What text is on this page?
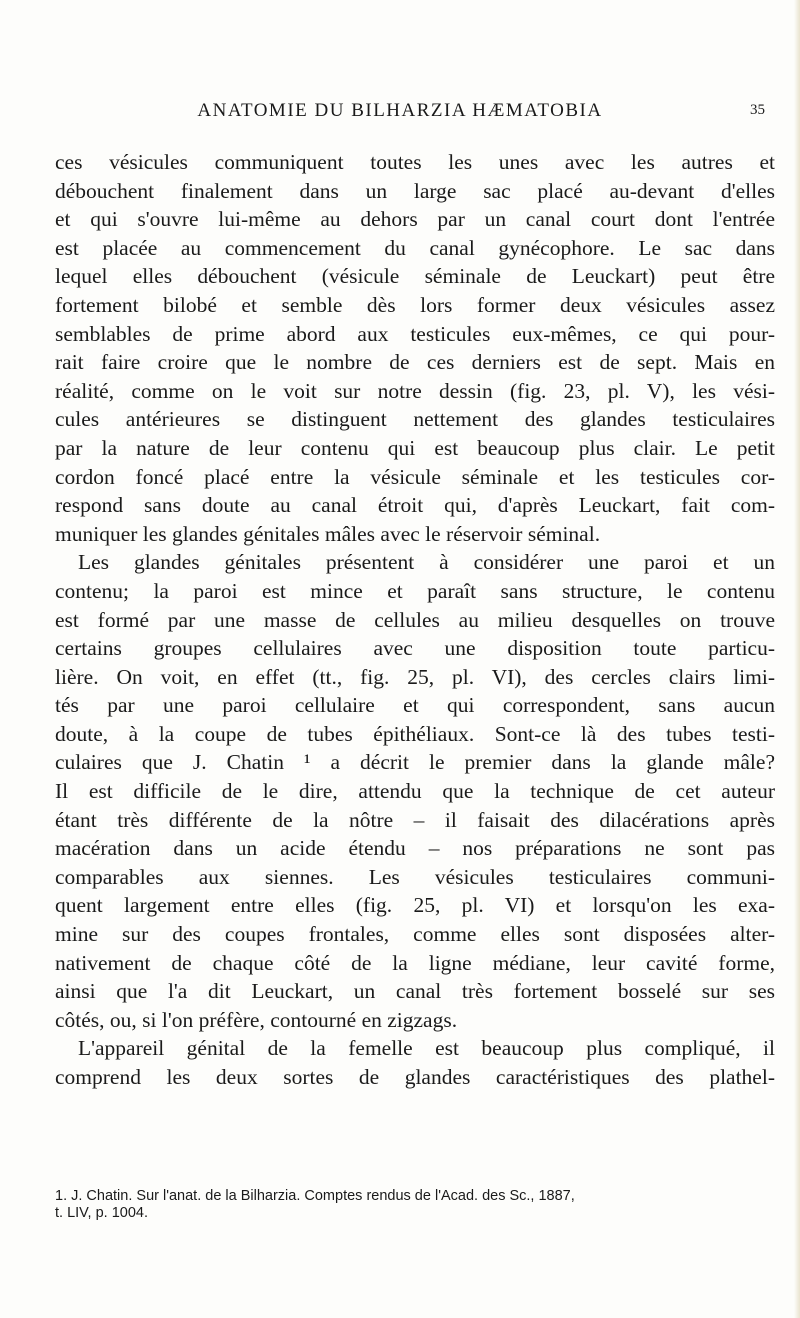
ANATOMIE DU BILHARZIA HÆMATOBIA	35
ces vésicules communiquent toutes les unes avec les autres et
débouchent finalement dans un large sac placé au-devant d'elles
et qui s'ouvre lui-même au dehors par un canal court dont l'entrée
est placée au commencement du canal gynécophore. Le sac dans
lequel elles débouchent (vésicule séminale de Leuckart) peut être
fortement bilobé et semble dès lors former deux vésicules assez
semblables de prime abord aux testicules eux-mêmes, ce qui pour-
rait faire croire que le nombre de ces derniers est de sept. Mais en
réalité, comme on le voit sur notre dessin (fig. 23, pl. V), les vési-
cules antérieures se distinguent nettement des glandes testiculaires
par la nature de leur contenu qui est beaucoup plus clair. Le petit
cordon foncé placé entre la vésicule séminale et les testicules cor-
respond sans doute au canal étroit qui, d'après Leuckart, fait com-
muniquer les glandes génitales mâles avec le réservoir séminal.
Les glandes génitales présentent à considérer une paroi et un
contenu; la paroi est mince et paraît sans structure, le contenu
est formé par une masse de cellules au milieu desquelles on trouve
certains groupes cellulaires avec une disposition toute particu-
lière. On voit, en effet (tt., fig. 25, pl. VI), des cercles clairs limi-
tés par une paroi cellulaire et qui correspondent, sans aucun
doute, à la coupe de tubes épithéliaux. Sont-ce là des tubes testi-
culaires que J. Chatin ¹ a décrit le premier dans la glande mâle?
Il est difficile de le dire, attendu que la technique de cet auteur
étant très différente de la nôtre – il faisait des dilacérations après
macération dans un acide étendu – nos préparations ne sont pas
comparables aux siennes. Les vésicules testiculaires communi-
quent largement entre elles (fig. 25, pl. VI) et lorsqu'on les exa-
mine sur des coupes frontales, comme elles sont disposées alter-
nativement de chaque côté de la ligne médiane, leur cavité forme,
ainsi que l'a dit Leuckart, un canal très fortement bosselé sur ses
côtés, ou, si l'on préfère, contourné en zigzags.
L'appareil génital de la femelle est beaucoup plus compliqué, il
comprend les deux sortes de glandes caractéristiques des plathel-
1. J. Chatin. Sur l'anat. de la Bilharzia. Comptes rendus de l'Acad. des Sc., 1887,
t. LIV, p. 1004.
